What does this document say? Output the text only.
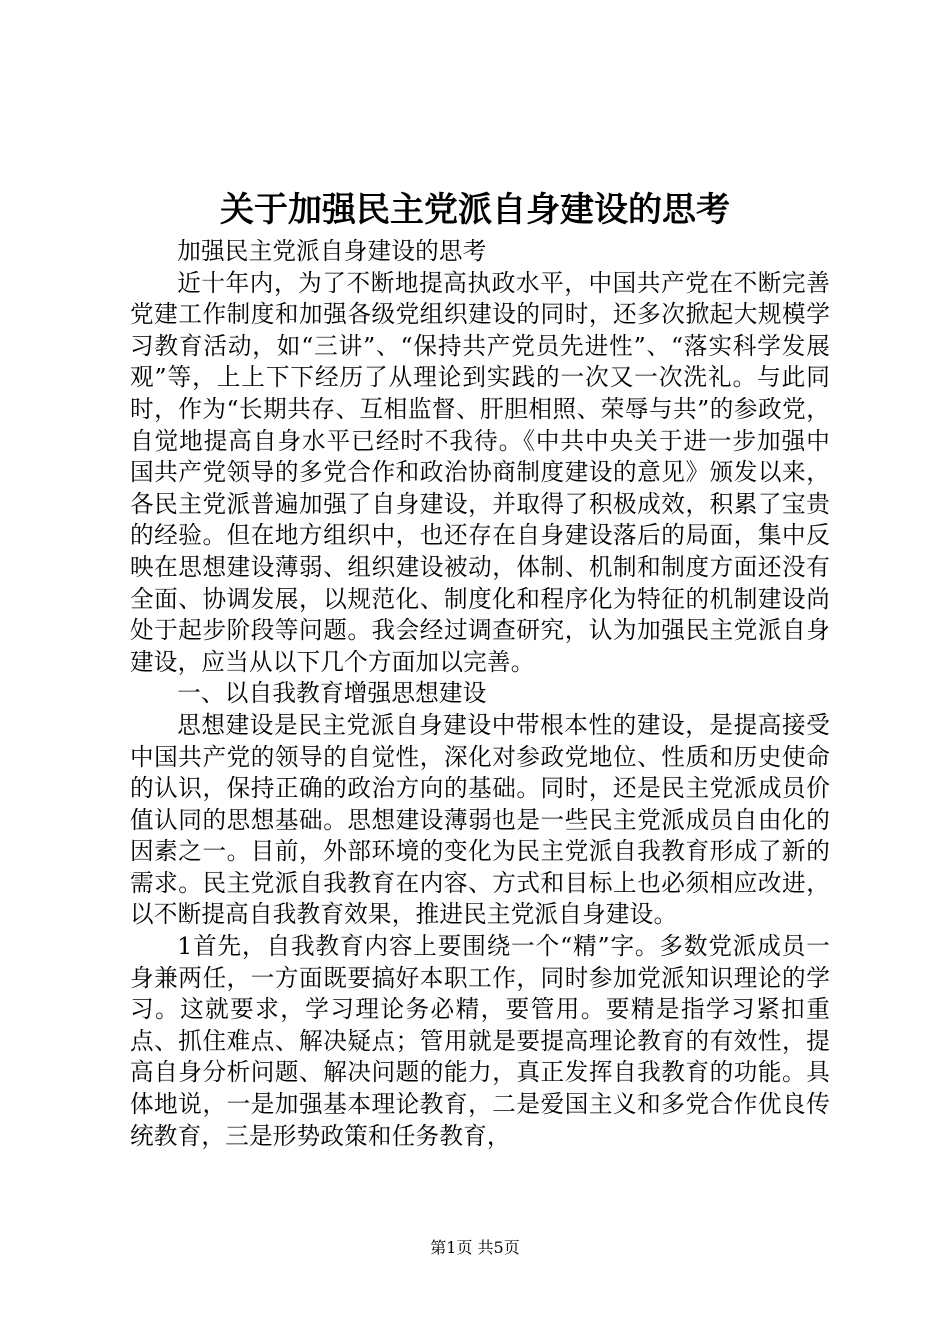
关于加强民主党派自身建设的思考

加强民主党派自身建设的思考

近十年内，为了不断地提高执政水平，中国共产党在不断完善党建工作制度和加强各级党组织建设的同时，还多次掀起大规模学习教育活动，如“三讲”、“保持共产党员先进性”、“落实科学发展观”等，上上下下经历了从理论到实践的一次又一次洗礼。与此同时，作为“长期共存、互相监督、肝胆相照、荣辱与共”的参政党，自觉地提高自身水平已经时不我待。《中共中央关于进一步加强中国共产党领导的多党合作和政治协商制度建设的意见》颁发以来，各民主党派普遍加强了自身建设，并取得了积极成效，积累了宝贵的经验。但在地方组织中，也还存在自身建设落后的局面，集中反映在思想建设薄弱、组织建设被动，体制、机制和制度方面还没有全面、协调发展，以规范化、制度化和程序化为特征的机制建设尚处于起步阶段等问题。我会经过调查研究，认为加强民主党派自身建设，应当从以下几个方面加以完善。

一、以自我教育增强思想建设

思想建设是民主党派自身建设中带根本性的建设，是提高接受中国共产党的领导的自觉性，深化对参政党地位、性质和历史使命的认识，保持正确的政治方向的基础。同时，还是民主党派成员价值认同的思想基础。思想建设薄弱也是一些民主党派成员自由化的因素之一。目前，外部环境的变化为民主党派自我教育形成了新的需求。民主党派自我教育在内容、方式和目标上也必须相应改进，以不断提高自我教育效果，推进民主党派自身建设。

1首先，自我教育内容上要围绕一个“精”字。多数党派成员一身兼两任，一方面既要搞好本职工作，同时参加党派知识理论的学习。这就要求，学习理论务必精，要管用。要精是指学习紧扣重点、抓住难点、解决疑点；管用就是要提高理论教育的有效性，提高自身分析问题、解决问题的能力，真正发挥自我教育的功能。具体地说，一是加强基本理论教育，二是爱国主义和多党合作优良传统教育，三是形势政策和任务教育，

第1页 共5页
